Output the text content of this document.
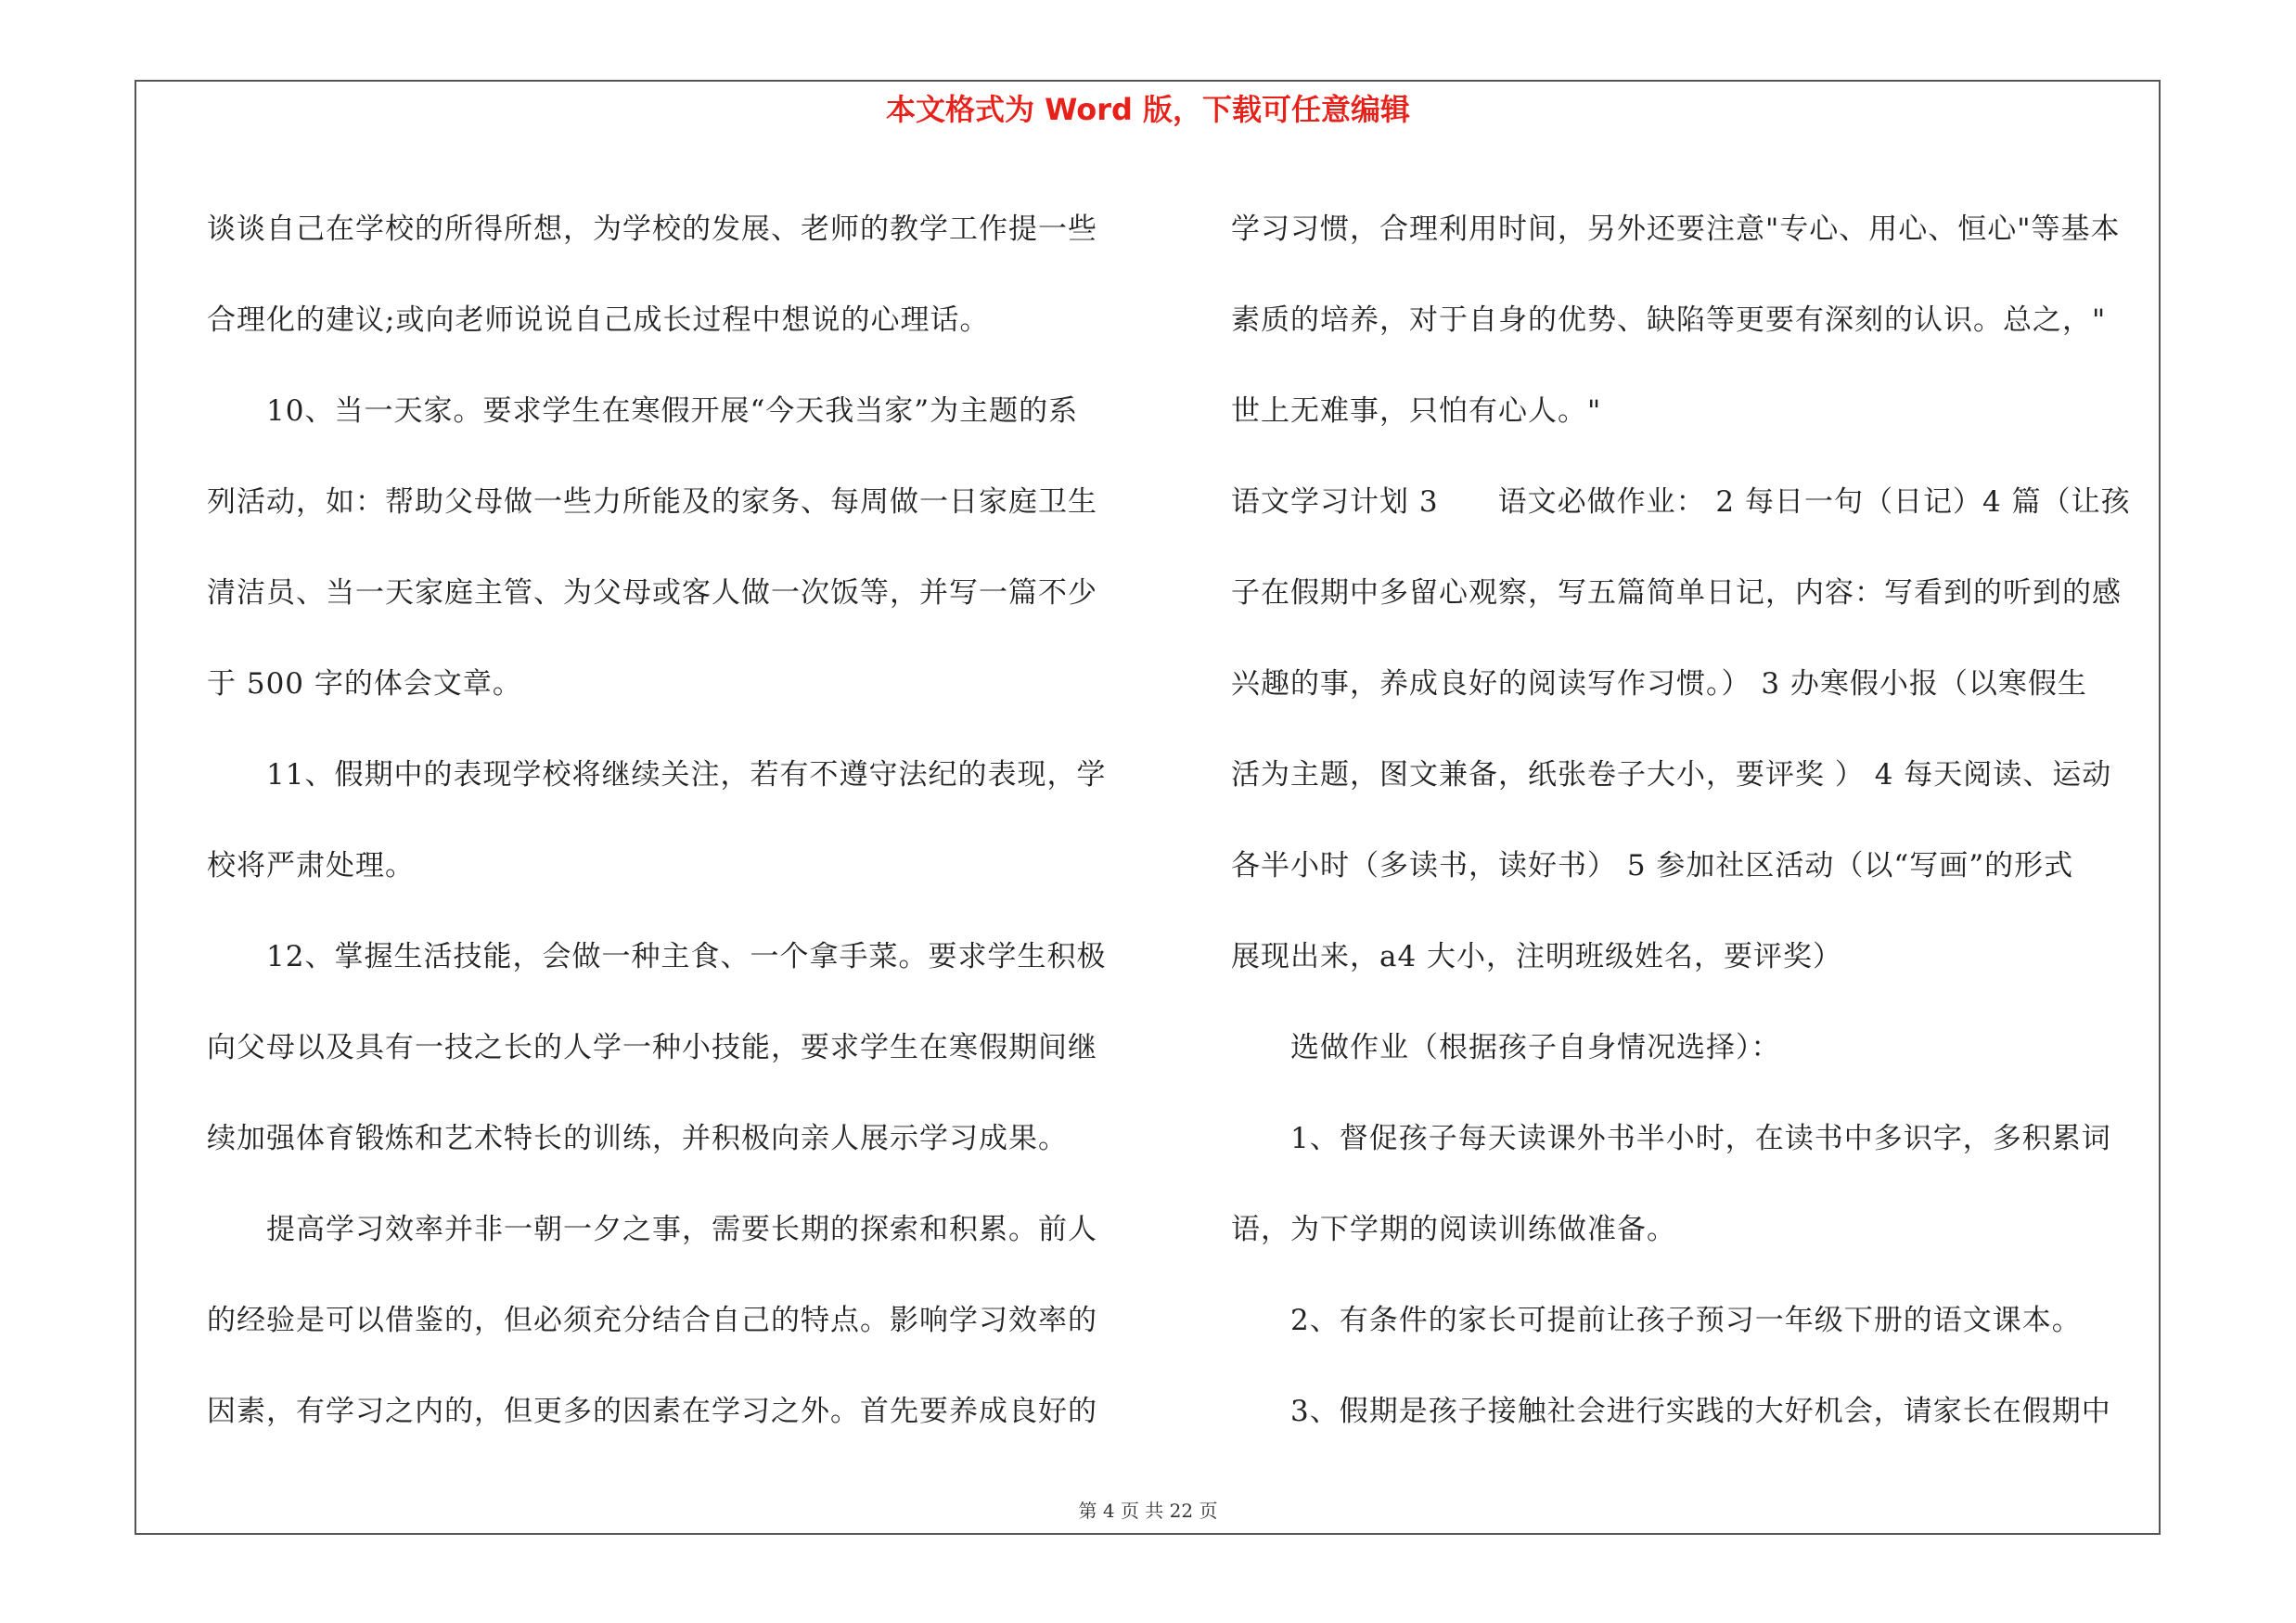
本文格式为 Word 版，下载可任意编辑

谈谈自己在学校的所得所想，为学校的发展、老师的教学工作提一些

合理化的建议;或向老师说说自己成长过程中想说的心理话。

10、当一天家。要求学生在寒假开展“今天我当家”为主题的系

列活动，如：帮助父母做一些力所能及的家务、每周做一日家庭卫生

清洁员、当一天家庭主管、为父母或客人做一次饭等，并写一篇不少

于 500 字的体会文章。

11、假期中的表现学校将继续关注，若有不遵守法纪的表现，学

校将严肃处理。

12、掌握生活技能，会做一种主食、一个拿手菜。要求学生积极

向父母以及具有一技之长的人学一种小技能，要求学生在寒假期间继

续加强体育锻炼和艺术特长的训练，并积极向亲人展示学习成果。

提高学习效率并非一朝一夕之事，需要长期的探索和积累。前人

的经验是可以借鉴的，但必须充分结合自己的特点。影响学习效率的

因素，有学习之内的，但更多的因素在学习之外。首先要养成良好的

学习习惯，合理利用时间，另外还要注意"专心、用心、恒心"等基本

素质的培养，对于自身的优势、缺陷等更要有深刻的认识。总之，"

世上无难事，只怕有心人。"

语文学习计划 3　　语文必做作业： 2 每日一句（日记）4 篇（让孩

子在假期中多留心观察，写五篇简单日记，内容：写看到的听到的感

兴趣的事，养成良好的阅读写作习惯。） 3 办寒假小报（以寒假生

活为主题，图文兼备，纸张卷子大小，要评奖 ） 4 每天阅读、运动

各半小时（多读书，读好书） 5 参加社区活动（以“写画”的形式

展现出来，a4 大小，注明班级姓名，要评奖）

选做作业（根据孩子自身情况选择）：

1、督促孩子每天读课外书半小时，在读书中多识字，多积累词

语，为下学期的阅读训练做准备。

2、有条件的家长可提前让孩子预习一年级下册的语文课本。

3、假期是孩子接触社会进行实践的大好机会，请家长在假期中

第 4 页 共 22 页
